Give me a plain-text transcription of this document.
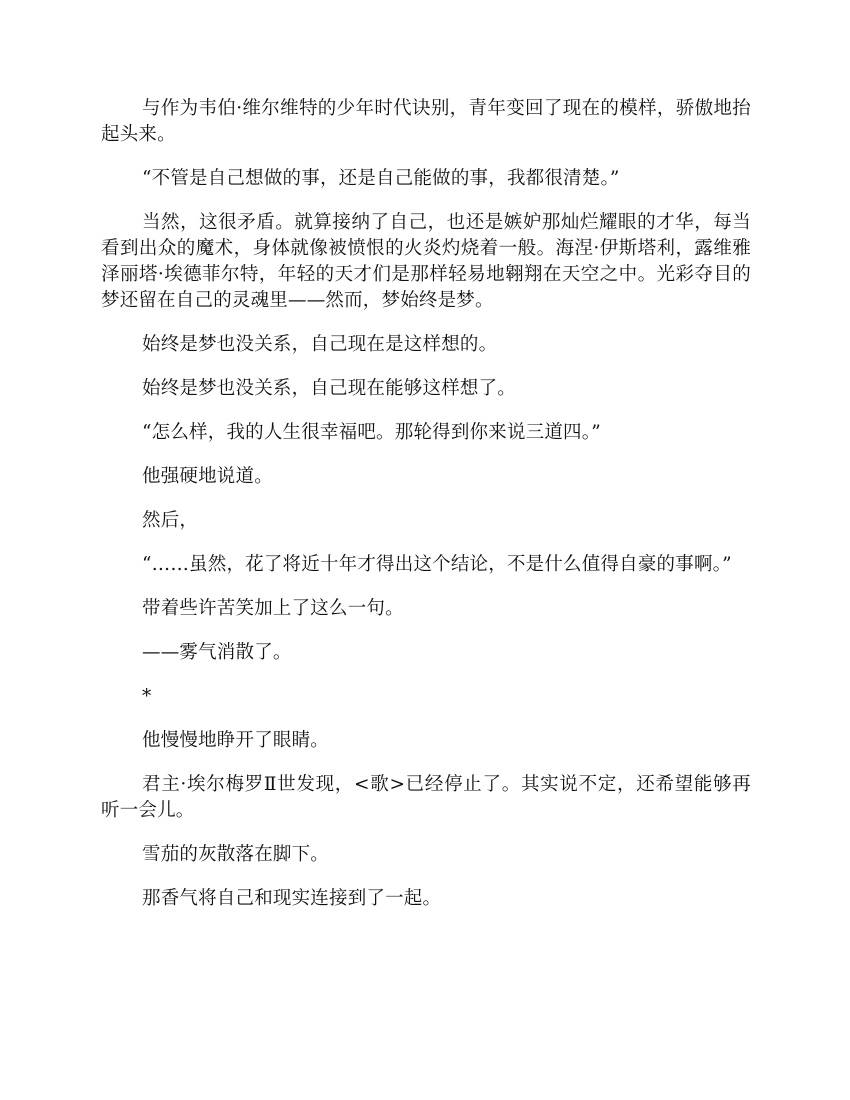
与作为韦伯·维尔维特的少年时代诀别，青年变回了现在的模样，骄傲地抬起头来。

“不管是自己想做的事，还是自己能做的事，我都很清楚。”

当然，这很矛盾。就算接纳了自己，也还是嫉妒那灿烂耀眼的才华，每当看到出众的魔术，身体就像被愤恨的火炎灼烧着一般。海涅·伊斯塔利，露维雅泽丽塔·埃德菲尔特，年轻的天才们是那样轻易地翱翔在天空之中。光彩夺目的梦还留在自己的灵魂里——然而，梦始终是梦。

始终是梦也没关系，自己现在是这样想的。

始终是梦也没关系，自己现在能够这样想了。

“怎么样，我的人生很幸福吧。那轮得到你来说三道四。”

他强硬地说道。

然后，

“……虽然，花了将近十年才得出这个结论，不是什么值得自豪的事啊。”

带着些许苦笑加上了这么一句。

——雾气消散了。

*

他慢慢地睁开了眼睛。

君主·埃尔梅罗Ⅱ世发现，<歌>已经停止了。其实说不定，还希望能够再听一会儿。

雪茄的灰散落在脚下。

那香气将自己和现实连接到了一起。
